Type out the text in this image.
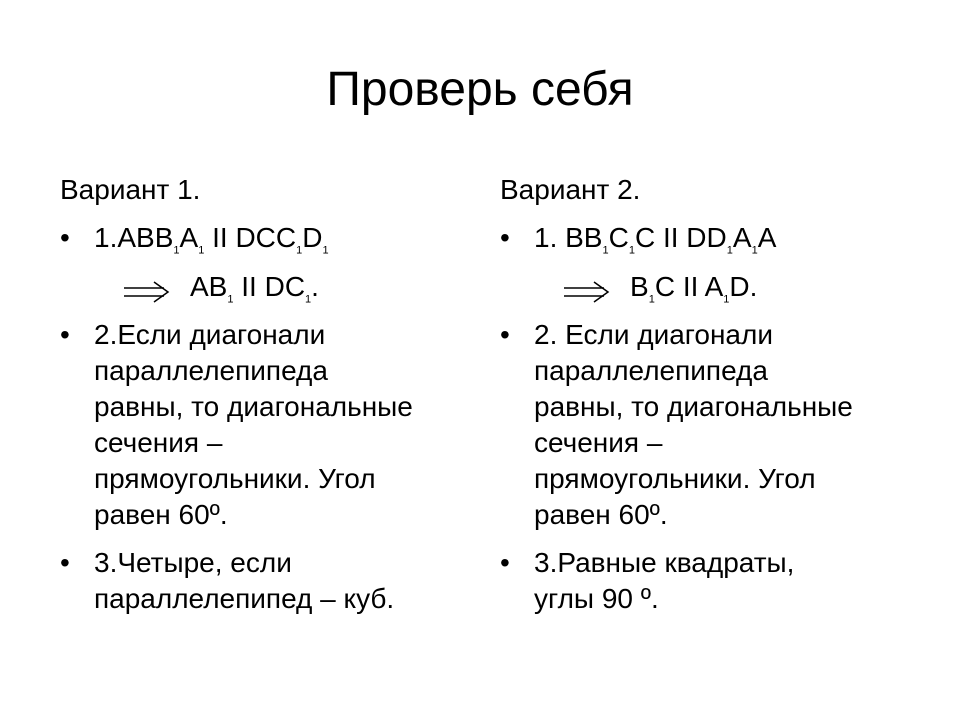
Проверь себя
Вариант 1.
• $1.ABB_1A_1$ II $DCC_1D_1$
$AB_1$ II $DC_1$.
• 2.Если диагонали
параллелепипеда
равны, то диагональные
сечения –
прямоугольники. Угол
равен 60º.
• 3.Четыре, если
параллелепипед – куб.
Вариант 2.
• 1. $BB_1C_1C$ II $DD_1A_1A$
$B_1C$ II $A_1D$.
• 2. Если диагонали
параллелепипеда
равны, то диагональные
сечения –
прямоугольники. Угол
равен 60º.
• 3.Равные квадраты,
углы 90 º.
